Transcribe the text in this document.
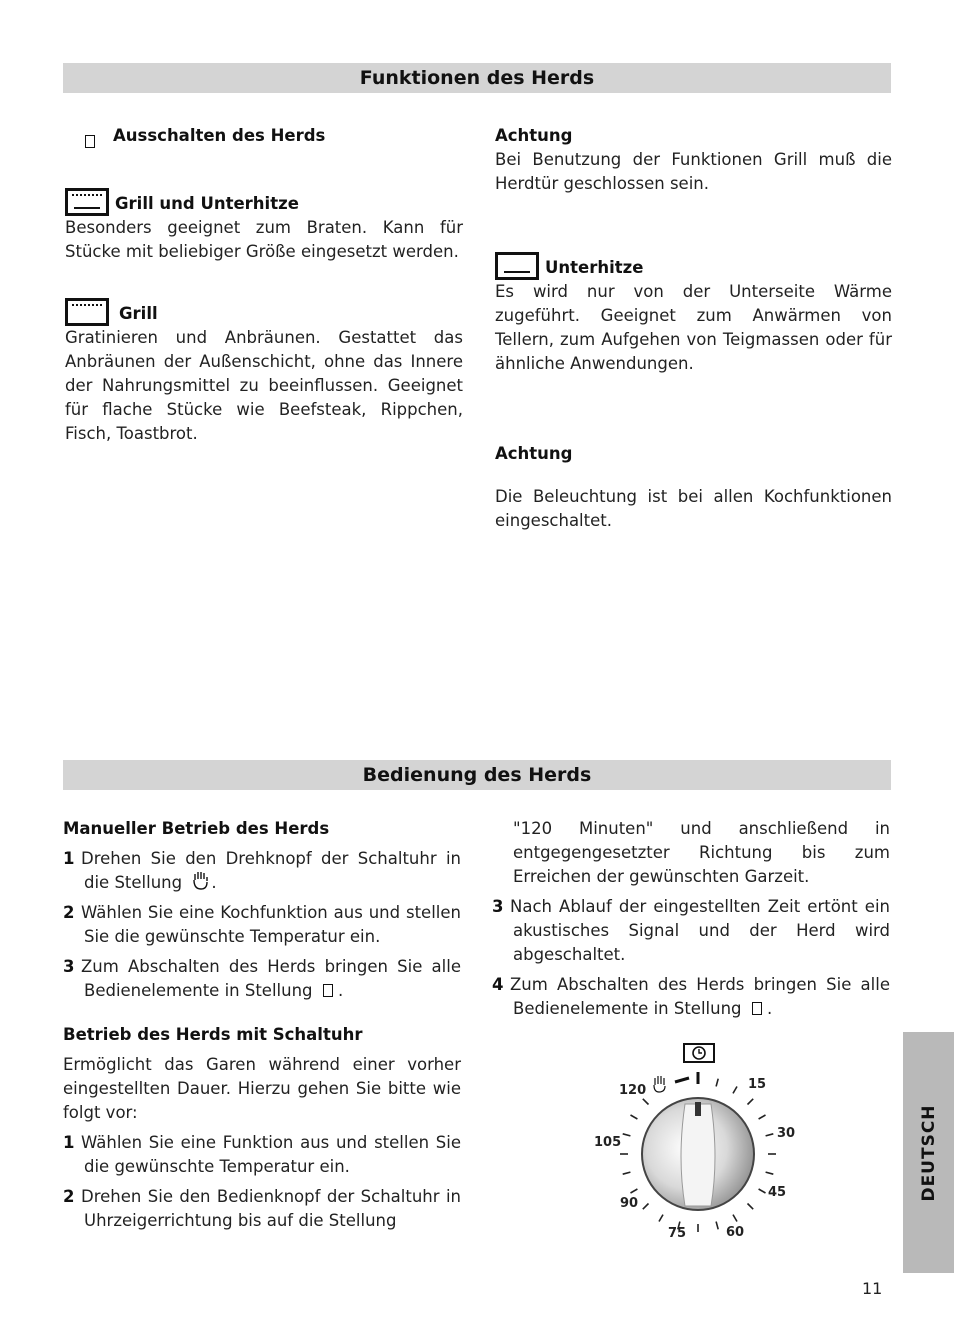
Funktionen des Herds
Ausschalten des Herds
Grill und Unterhitze

Besonders geeignet zum Braten. Kann für Stücke mit beliebiger Größe eingesetzt werden.

Grill

Gratinieren und Anbräunen. Gestattet das Anbräunen der Außenschicht, ohne das Innere der Nahrungsmittel zu beeinflussen. Geeignet für flache Stücke wie Beefsteak, Rippchen, Fisch, Toastbrot.

Achtung

Bei Benutzung der Funktionen Grill muß die Herdtür geschlossen sein.

Unterhitze

Es wird nur von der Unterseite Wärme zugeführt. Geeignet zum Anwärmen von Tellern, zum Aufgehen von Teigmassen oder für ähnliche Anwendungen.

Achtung

Die Beleuchtung ist bei allen Kochfunktionen eingeschaltet.

Bedienung des Herds

Manueller Betrieb des Herds

1 Drehen Sie den Drehknopf der Schaltuhr in die Stellung .

2 Wählen Sie eine Kochfunktion aus und stellen Sie die gewünschte Temperatur ein.

3 Zum Abschalten des Herds bringen Sie alle Bedienelemente in Stellung  .

Betrieb des Herds mit Schaltuhr

Ermöglicht das Garen während einer vorher eingestellten Dauer. Hierzu gehen Sie bitte wie folgt vor:

1 Wählen Sie eine Funktion aus und stellen Sie die gewünschte Temperatur ein.

2 Drehen Sie den Bedienknopf der Schaltuhr in Uhrzeigerrichtung bis auf die Stellung

"120 Minuten" und anschließend in entgegengesetzter Richtung bis zum Erreichen der gewünschten Garzeit.

3 Nach Ablauf der eingestellten Zeit ertönt ein akustisches Signal und der Herd wird abgeschaltet.

4 Zum Abschalten des Herds bringen Sie alle Bedienelemente in Stellung  .

120	15
30
45
60
75
90
105	DEUTSCH
11
